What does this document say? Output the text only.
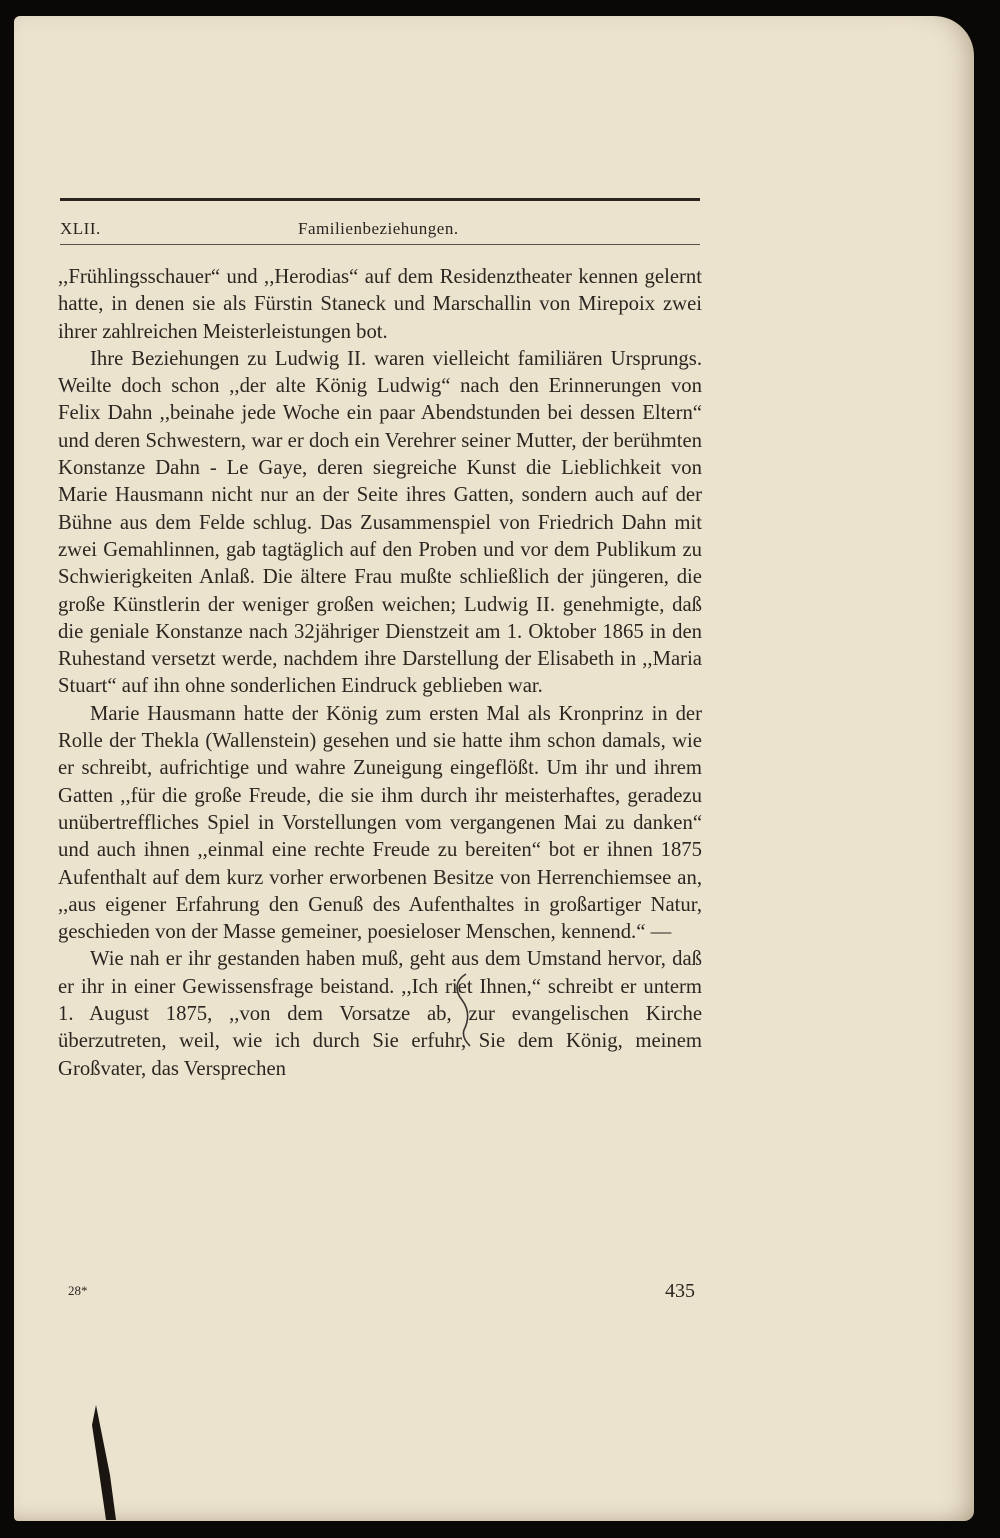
XLII.	Familienbeziehungen.

,,Frühlingsschauer“ und ,,Herodias“ auf dem Residenztheater kennen gelernt hatte, in denen sie als Fürstin Staneck und Marschallin von Mirepoix zwei ihrer zahlreichen Meisterleistungen bot.

Ihre Beziehungen zu Ludwig II. waren vielleicht familiären Ursprungs. Weilte doch schon ,,der alte König Ludwig“ nach den Erinnerungen von Felix Dahn ,,beinahe jede Woche ein paar Abendstunden bei dessen Eltern“ und deren Schwestern, war er doch ein Verehrer seiner Mutter, der berühmten Konstanze Dahn - Le Gaye, deren siegreiche Kunst die Lieblichkeit von Marie Hausmann nicht nur an der Seite ihres Gatten, sondern auch auf der Bühne aus dem Felde schlug. Das Zusammenspiel von Friedrich Dahn mit zwei Gemahlinnen, gab tagtäglich auf den Proben und vor dem Publikum zu Schwierigkeiten Anlaß. Die ältere Frau mußte schließlich der jüngeren, die große Künstlerin der weniger großen weichen; Ludwig II. genehmigte, daß die geniale Konstanze nach 32jähriger Dienstzeit am 1. Oktober 1865 in den Ruhestand versetzt werde, nachdem ihre Darstellung der Elisabeth in ,,Maria Stuart“ auf ihn ohne sonderlichen Eindruck geblieben war.

Marie Hausmann hatte der König zum ersten Mal als Kronprinz in der Rolle der Thekla (Wallenstein) gesehen und sie hatte ihm schon damals, wie er schreibt, aufrichtige und wahre Zuneigung eingeflößt. Um ihr und ihrem Gatten ,,für die große Freude, die sie ihm durch ihr meisterhaftes, geradezu unübertreffliches Spiel in Vorstellungen vom vergangenen Mai zu danken“ und auch ihnen ,,einmal eine rechte Freude zu bereiten“ bot er ihnen 1875 Aufenthalt auf dem kurz vorher erworbenen Besitze von Herrenchiemsee an, ,,aus eigener Erfahrung den Genuß des Aufenthaltes in großartiger Natur, geschieden von der Masse gemeiner, poesieloser Menschen, kennend.“ —

Wie nah er ihr gestanden haben muß, geht aus dem Umstand hervor, daß er ihr in einer Gewissensfrage beistand. ,,Ich riet Ihnen,“ schreibt er unterm 1. August 1875, ,,von dem Vorsatze ab, zur evangelischen Kirche überzutreten, weil, wie ich durch Sie erfuhr, Sie dem König, meinem Großvater, das Versprechen

28*	435
